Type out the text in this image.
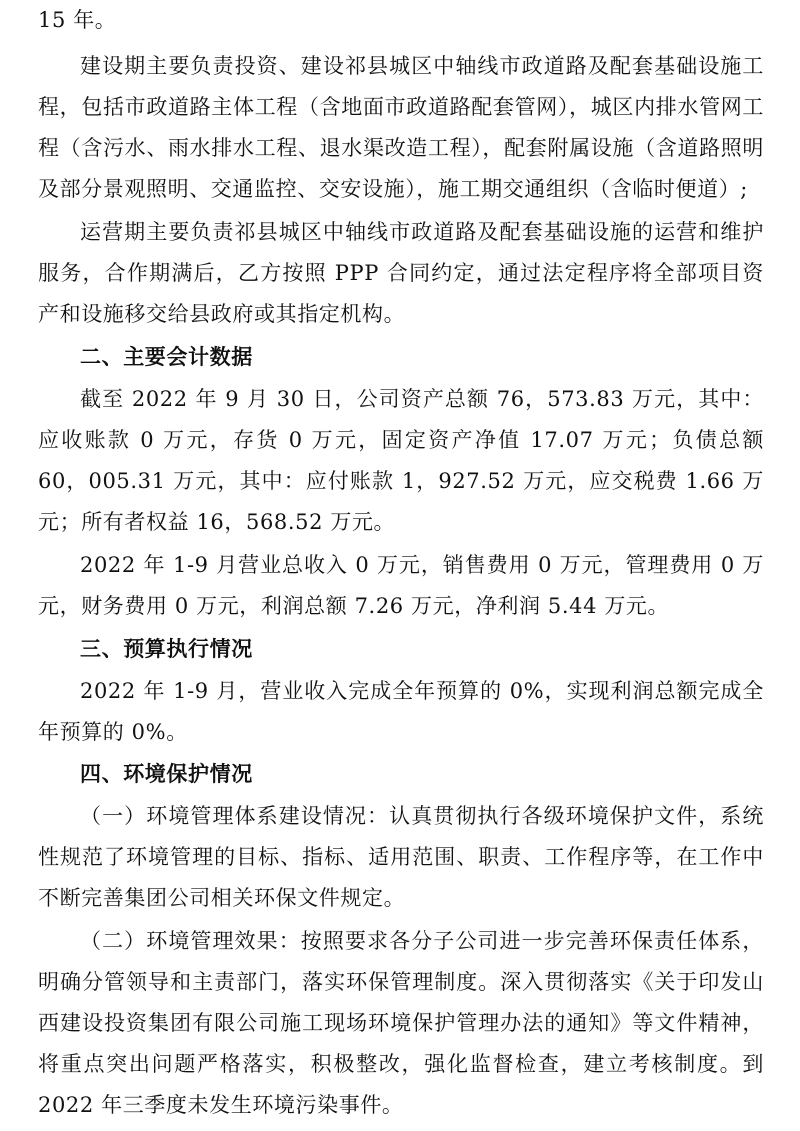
15 年。

建设期主要负责投资、建设祁县城区中轴线市政道路及配套基础设施工程，包括市政道路主体工程（含地面市政道路配套管网），城区内排水管网工程（含污水、雨水排水工程、退水渠改造工程），配套附属设施（含道路照明及部分景观照明、交通监控、交安设施），施工期交通组织（含临时便道）;

运营期主要负责祁县城区中轴线市政道路及配套基础设施的运营和维护服务，合作期满后，乙方按照 PPP 合同约定，通过法定程序将全部项目资产和设施移交给县政府或其指定机构。

二、主要会计数据

截至 2022 年 9 月 30 日，公司资产总额 76，573.83 万元，其中：应收账款 0 万元，存货 0 万元，固定资产净值 17.07 万元；负债总额 60，005.31 万元，其中：应付账款 1，927.52 万元，应交税费 1.66 万元；所有者权益 16，568.52 万元。

2022 年 1-9 月营业总收入 0 万元，销售费用 0 万元，管理费用 0 万元，财务费用 0 万元，利润总额 7.26 万元，净利润 5.44 万元。

三、预算执行情况

2022 年 1-9 月，营业收入完成全年预算的 0%，实现利润总额完成全年预算的 0%。

四、环境保护情况

（一）环境管理体系建设情况：认真贯彻执行各级环境保护文件，系统性规范了环境管理的目标、指标、适用范围、职责、工作程序等，在工作中不断完善集团公司相关环保文件规定。

（二）环境管理效果：按照要求各分子公司进一步完善环保责任体系，明确分管领导和主责部门，落实环保管理制度。深入贯彻落实《关于印发山西建设投资集团有限公司施工现场环境保护管理办法的通知》等文件精神，将重点突出问题严格落实，积极整改，强化监督检查，建立考核制度。到 2022 年三季度未发生环境污染事件。
